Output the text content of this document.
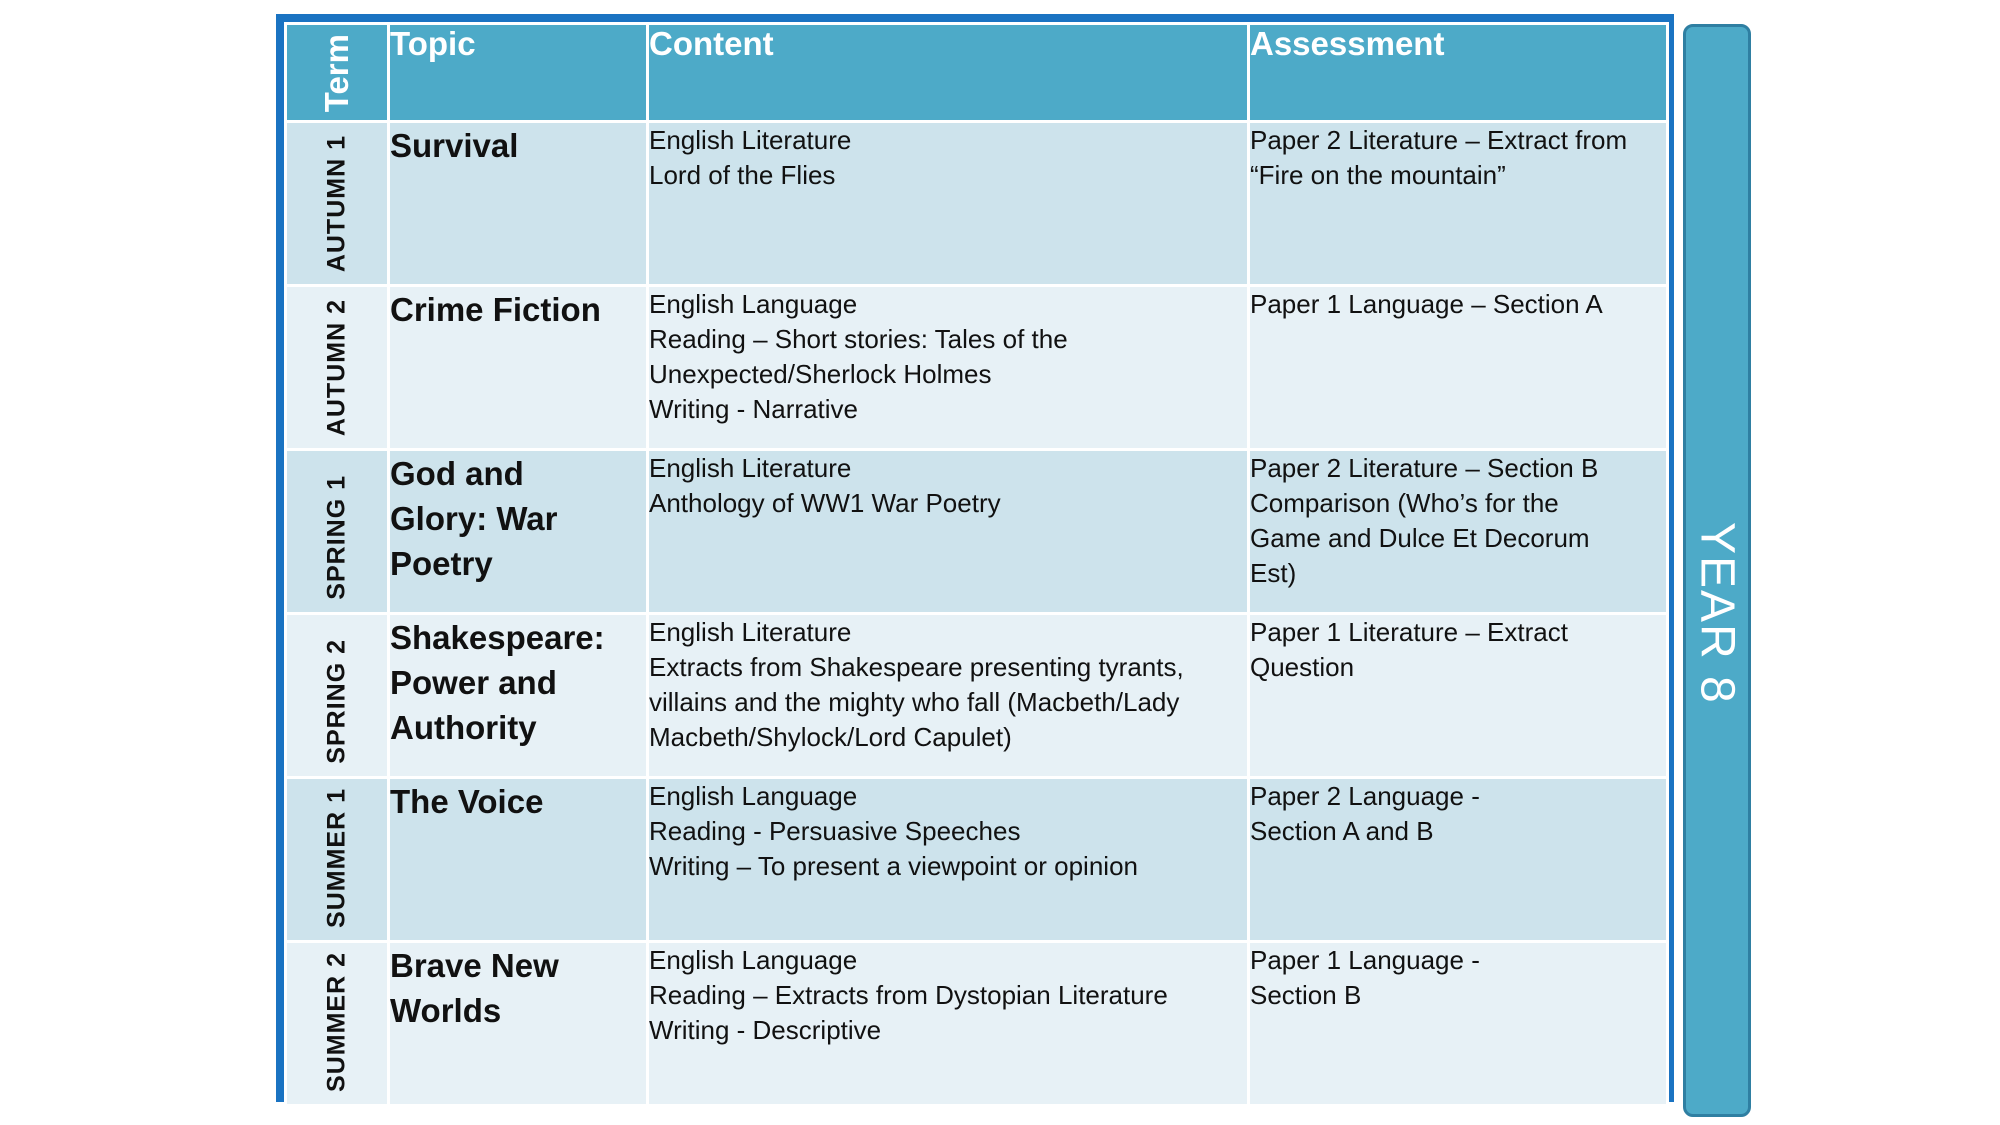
Term	Topic	Content	Assessment

AUTUMN 1	Survival	English Literature
Lord of the Flies	Paper 2 Literature – Extract from
“Fire on the mountain”

AUTUMN 2	Crime Fiction	English Language
Reading – Short stories: Tales of the
Unexpected/Sherlock Holmes
Writing - Narrative	Paper 1 Language – Section A

SPRING 1	God and
Glory: War
Poetry	English Literature
Anthology of WW1 War Poetry	Paper 2 Literature – Section B
Comparison (Who’s for the
Game and Dulce Et Decorum
Est)

SPRING 2	Shakespeare:
Power and
Authority	English Literature
Extracts from Shakespeare presenting tyrants,
villains and the mighty who fall (Macbeth/Lady
Macbeth/Shylock/Lord Capulet)	Paper 1 Literature – Extract
Question

SUMMER 1	The Voice	English Language
Reading - Persuasive Speeches
Writing – To present a viewpoint or opinion	Paper 2 Language -
Section A and B

SUMMER 2	Brave New
Worlds	English Language
Reading – Extracts from Dystopian Literature
Writing - Descriptive	Paper 1 Language -
Section B
YEAR 8
